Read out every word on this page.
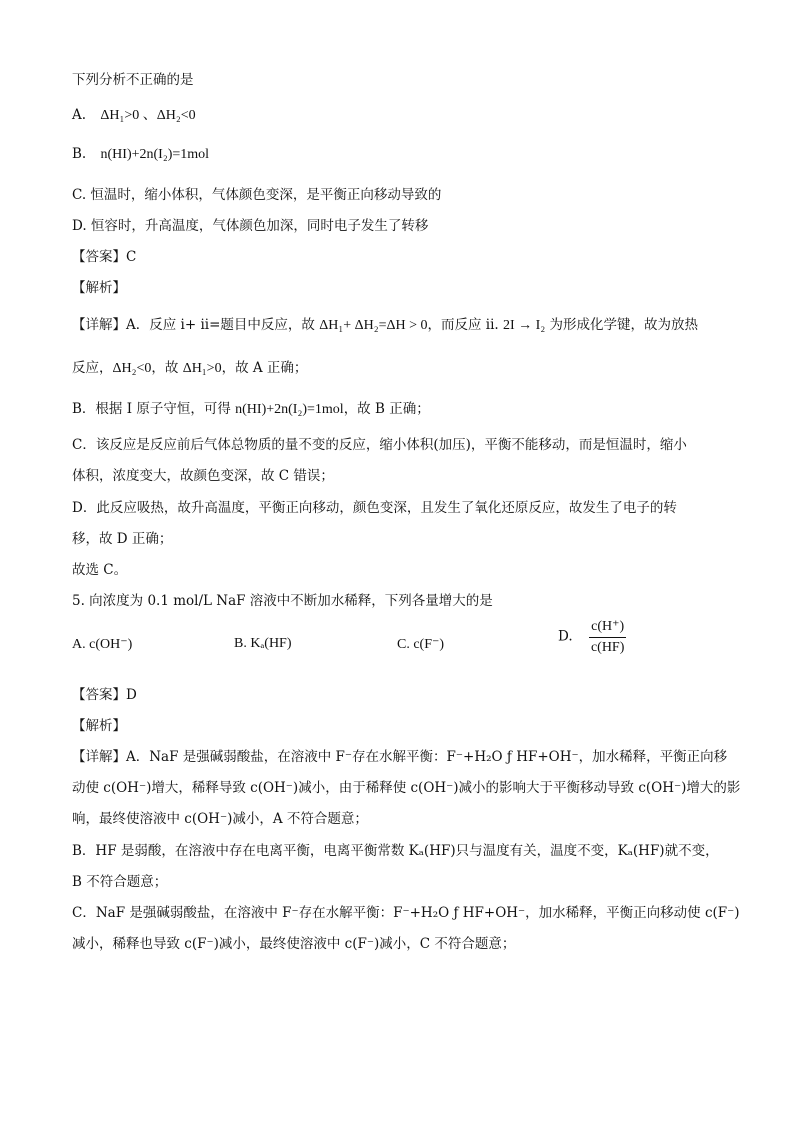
下列分析不正确的是
A. ΔH₁>0 、ΔH₂<0
B. n(HI)+2n(I₂)=1mol
C. 恒温时，缩小体积，气体颜色变深，是平衡正向移动导致的
D. 恒容时，升高温度，气体颜色加深，同时电子发生了转移
【答案】C
【解析】
【详解】A．反应 i+ ii=题目中反应，故 ΔH₁+ ΔH₂=ΔH > 0，而反应 ii. 2I → I₂ 为形成化学键，故为放热
反应，ΔH₂<0，故 ΔH₁>0，故 A 正确；
B．根据 I 原子守恒，可得 n(HI)+2n(I₂)=1mol，故 B 正确；
C．该反应是反应前后气体总物质的量不变的反应，缩小体积(加压)，平衡不能移动，而是恒温时，缩小
体积，浓度变大，故颜色变深，故 C 错误；
D．此反应吸热，故升高温度，平衡正向移动，颜色变深，且发生了氧化还原反应，故发生了电子的转
移，故 D 正确；
故选 C。
5. 向浓度为 0.1 mol/L NaF 溶液中不断加水稀释，下列各量增大的是
A. c(OH⁻)	B. Kₐ(HF)	C. c(F⁻)	D. $\frac{c(H^+)}{c(HF)}$
【答案】D
【解析】
【详解】A．NaF 是强碱弱酸盐，在溶液中 F⁻存在水解平衡：F⁻+H₂O ƒ HF+OH⁻，加水稀释，平衡正向移
动使 c(OH⁻)增大，稀释导致 c(OH⁻)减小，由于稀释使 c(OH⁻)减小的影响大于平衡移动导致 c(OH⁻)增大的影
响，最终使溶液中 c(OH⁻)减小，A 不符合题意；
B．HF 是弱酸，在溶液中存在电离平衡，电离平衡常数 Kₐ(HF)只与温度有关，温度不变，Kₐ(HF)就不变，
B 不符合题意；
C．NaF 是强碱弱酸盐，在溶液中 F⁻存在水解平衡：F⁻+H₂O ƒ HF+OH⁻，加水稀释，平衡正向移动使 c(F⁻)
减小，稀释也导致 c(F⁻)减小，最终使溶液中 c(F⁻)减小，C 不符合题意；
